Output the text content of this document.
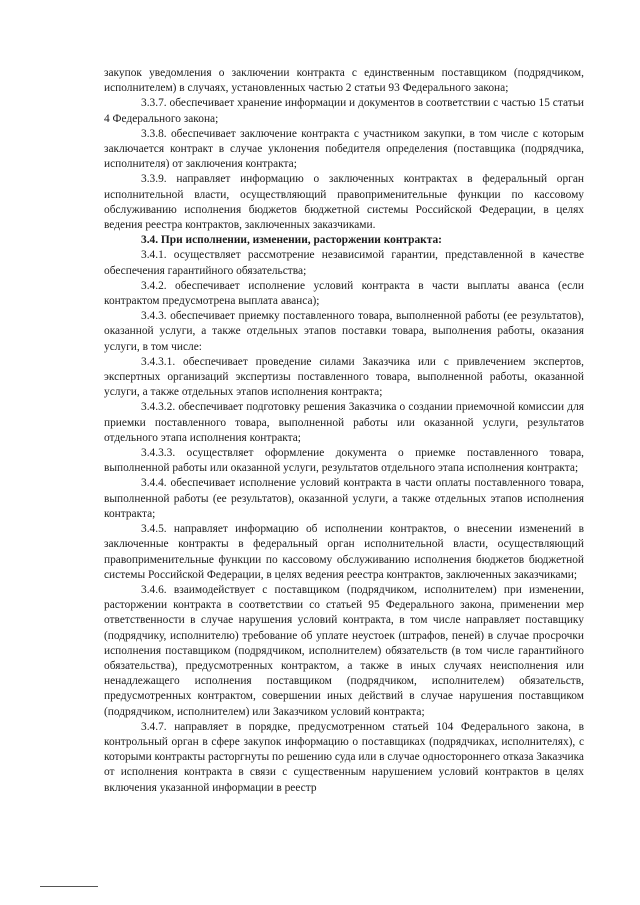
закупок уведомления о заключении контракта с единственным поставщиком (подрядчиком, исполнителем) в случаях, установленных частью 2 статьи 93 Федерального закона;

3.3.7. обеспечивает хранение информации и документов в соответствии с частью 15 статьи 4 Федерального закона;

3.3.8. обеспечивает заключение контракта с участником закупки, в том числе с которым заключается контракт в случае уклонения победителя определения (поставщика (подрядчика, исполнителя) от заключения контракта;

3.3.9. направляет информацию о заключенных контрактах в федеральный орган исполнительной власти, осуществляющий правоприменительные функции по кассовому обслуживанию исполнения бюджетов бюджетной системы Российской Федерации, в целях ведения реестра контрактов, заключенных заказчиками.

3.4. При исполнении, изменении, расторжении контракта:

3.4.1. осуществляет рассмотрение независимой гарантии, представленной в качестве обеспечения гарантийного обязательства;

3.4.2. обеспечивает исполнение условий контракта в части выплаты аванса (если контрактом предусмотрена выплата аванса);

3.4.3. обеспечивает приемку поставленного товара, выполненной работы (ее результатов), оказанной услуги, а также отдельных этапов поставки товара, выполнения работы, оказания услуги, в том числе:

3.4.3.1. обеспечивает проведение силами Заказчика или с привлечением экспертов, экспертных организаций экспертизы поставленного товара, выполненной работы, оказанной услуги, а также отдельных этапов исполнения контракта;

3.4.3.2. обеспечивает подготовку решения Заказчика о создании приемочной комиссии для приемки поставленного товара, выполненной работы или оказанной услуги, результатов отдельного этапа исполнения контракта;

3.4.3.3. осуществляет оформление документа о приемке поставленного товара, выполненной работы или оказанной услуги, результатов отдельного этапа исполнения контракта;

3.4.4. обеспечивает исполнение условий контракта в части оплаты поставленного товара, выполненной работы (ее результатов), оказанной услуги, а также отдельных этапов исполнения контракта;

3.4.5. направляет информацию об исполнении контрактов, о внесении изменений в заключенные контракты в федеральный орган исполнительной власти, осуществляющий правоприменительные функции по кассовому обслуживанию исполнения бюджетов бюджетной системы Российской Федерации, в целях ведения реестра контрактов, заключенных заказчиками;

3.4.6. взаимодействует с поставщиком (подрядчиком, исполнителем) при изменении, расторжении контракта в соответствии со статьей 95 Федерального закона, применении мер ответственности в случае нарушения условий контракта, в том числе направляет поставщику (подрядчику, исполнителю) требование об уплате неустоек (штрафов, пеней) в случае просрочки исполнения поставщиком (подрядчиком, исполнителем) обязательств (в том числе гарантийного обязательства), предусмотренных контрактом, а также в иных случаях неисполнения или ненадлежащего исполнения поставщиком (подрядчиком, исполнителем) обязательств, предусмотренных контрактом, совершении иных действий в случае нарушения поставщиком (подрядчиком, исполнителем) или Заказчиком условий контракта;

3.4.7. направляет в порядке, предусмотренном статьей 104 Федерального закона, в контрольный орган в сфере закупок информацию о поставщиках (подрядчиках, исполнителях), с которыми контракты расторгнуты по решению суда или в случае одностороннего отказа Заказчика от исполнения контракта в связи с существенным нарушением условий контрактов в целях включения указанной информации в реестр
